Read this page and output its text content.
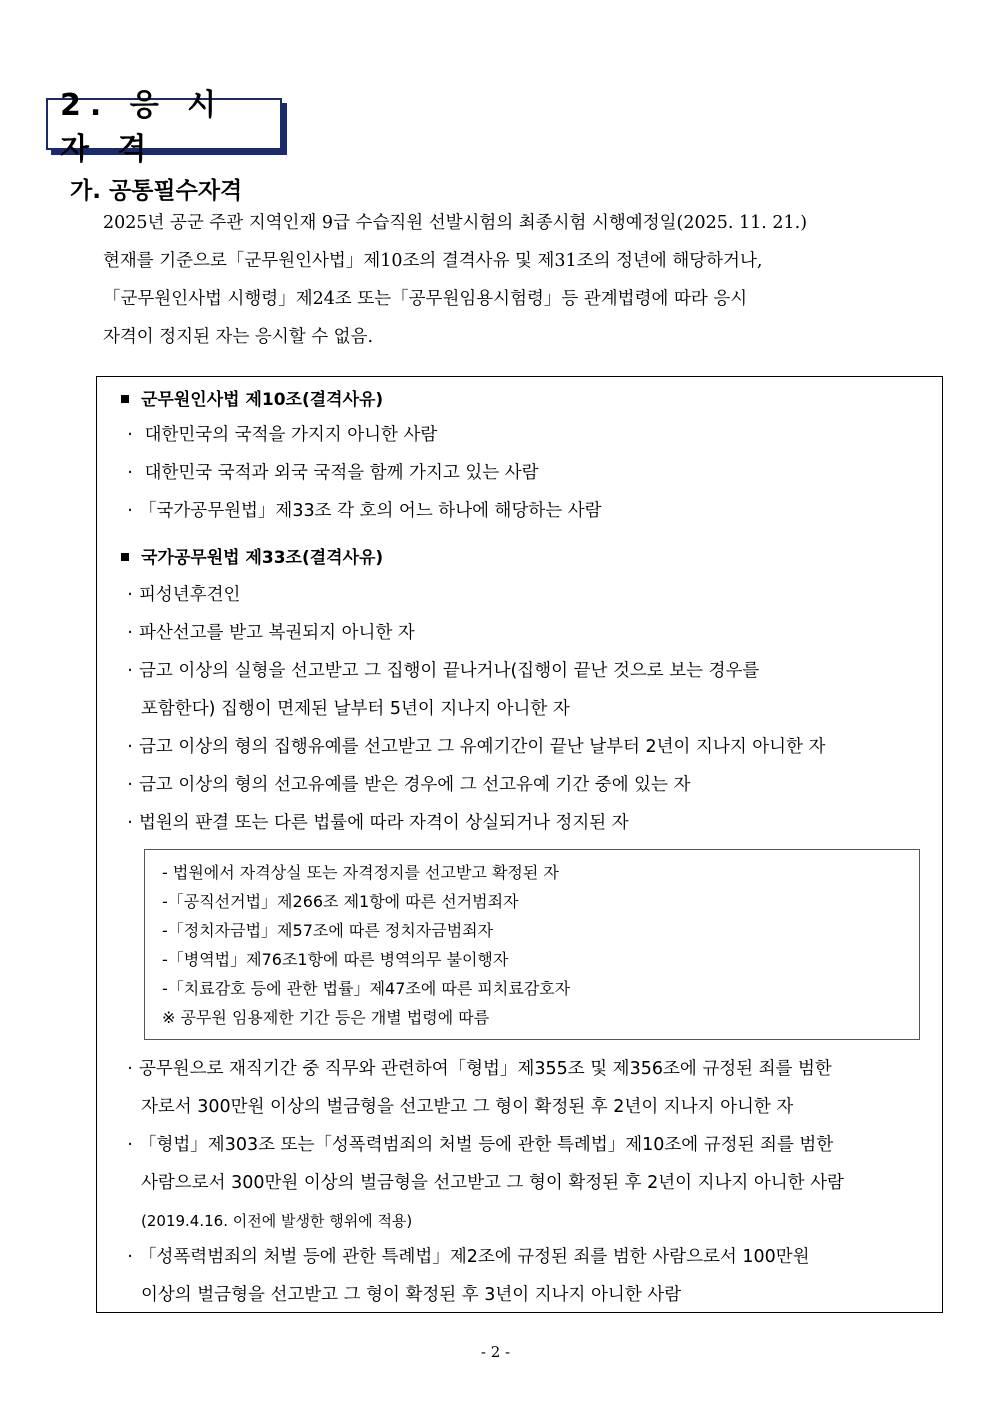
2. 응 시 자 격
가. 공통필수자격

2025년 공군 주관 지역인재 9급 수습직원 선발시험의 최종시험 시행예정일(2025. 11. 21.)

현재를 기준으로「군무원인사법」제10조의 결격사유 및 제31조의 정년에 해당하거나,

「군무원인사법 시행령」제24조 또는「공무원임용시험령」등 관계법령에 따라 응시

자격이 정지된 자는 응시할 수 없음.

군무원인사법 제10조(결격사유)
· 대한민국의 국적을 가지지 아니한 사람
· 대한민국 국적과 외국 국적을 함께 가지고 있는 사람
· 「국가공무원법」제33조 각 호의 어느 하나에 해당하는 사람
국가공무원법 제33조(결격사유)
· 피성년후견인
· 파산선고를 받고 복권되지 아니한 자
· 금고 이상의 실형을 선고받고 그 집행이 끝나거나(집행이 끝난 것으로 보는 경우를
포함한다) 집행이 면제된 날부터 5년이 지나지 아니한 자
· 금고 이상의 형의 집행유예를 선고받고 그 유예기간이 끝난 날부터 2년이 지나지 아니한 자
· 금고 이상의 형의 선고유예를 받은 경우에 그 선고유예 기간 중에 있는 자
· 법원의 판결 또는 다른 법률에 따라 자격이 상실되거나 정지된 자
· 공무원으로 재직기간 중 직무와 관련하여「형법」제355조 및 제356조에 규정된 죄를 범한
자로서 300만원 이상의 벌금형을 선고받고 그 형이 확정된 후 2년이 지나지 아니한 자
· 「형법」제303조 또는「성폭력범죄의 처벌 등에 관한 특례법」제10조에 규정된 죄를 범한
사람으로서 300만원 이상의 벌금형을 선고받고 그 형이 확정된 후 2년이 지나지 아니한 사람
(2019.4.16. 이전에 발생한 행위에 적용)
· 「성폭력범죄의 처벌 등에 관한 특례법」제2조에 규정된 죄를 범한 사람으로서 100만원
이상의 벌금형을 선고받고 그 형이 확정된 후 3년이 지나지 아니한 사람
- 법원에서 자격상실 또는 자격정지를 선고받고 확정된 자
-「공직선거법」제266조 제1항에 따른 선거범죄자
-「정치자금법」제57조에 따른 정치자금범죄자
-「병역법」제76조1항에 따른 병역의무 불이행자
-「치료감호 등에 관한 법률」제47조에 따른 피치료감호자
※ 공무원 임용제한 기간 등은 개별 법령에 따름
- 2 -
